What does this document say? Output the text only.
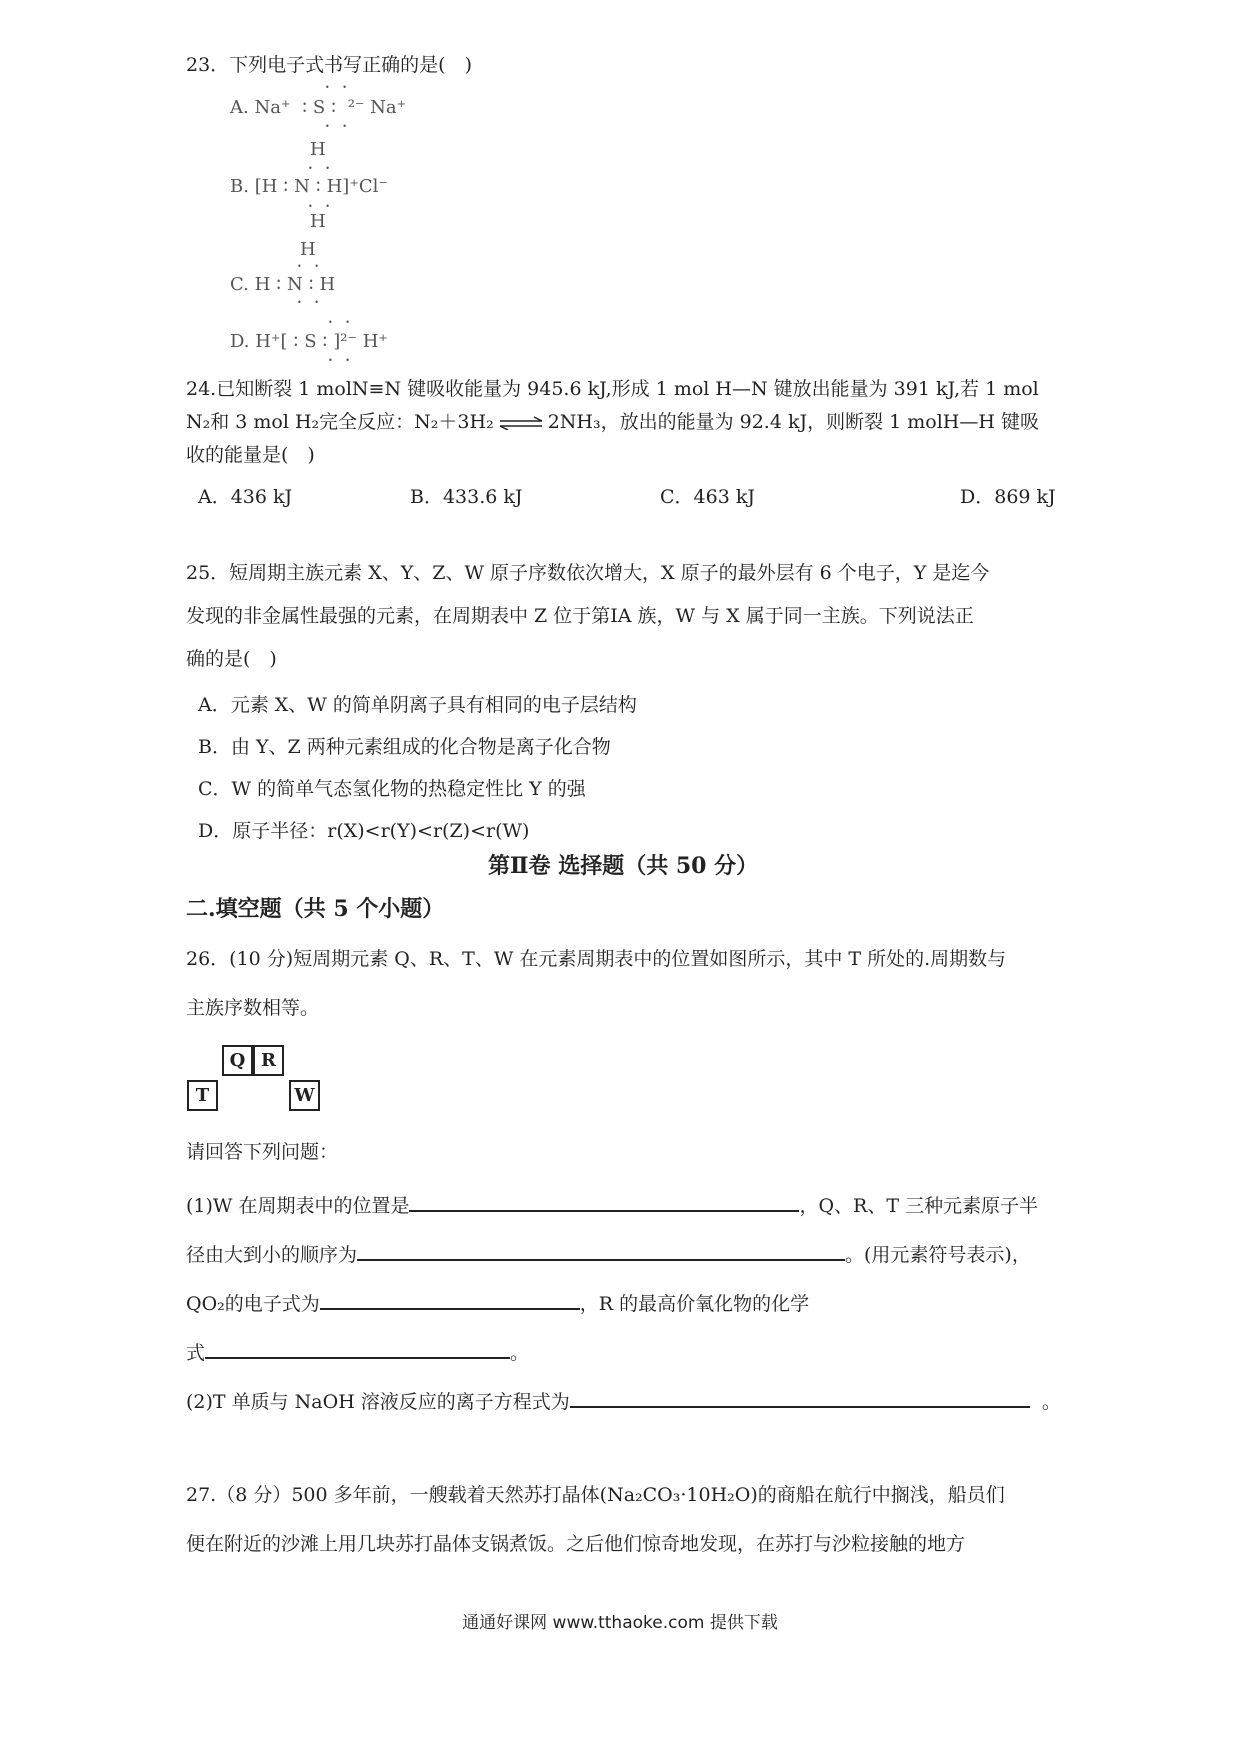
23．下列电子式书写正确的是(　)
A. Na⁺ •
• S •
• ²⁻ Na⁺
• •
• •
H
• •
B. [H •
• N •
• H]⁺Cl⁻
• •
H
H
• •
C. H •
• N •
• H
• •
• •
D. H⁺[ •
• S •
• ]²⁻ H⁺
• •
24.已知断裂 1 molN≡N 键吸收能量为 945.6 kJ,形成 1 mol H—N 键放出能量为 391 kJ,若 1 mol
N₂和 3 mol H₂完全反应：N₂＋3H₂ ⇌ 2NH₃，放出的能量为 92.4 kJ，则断裂 1 molH—H 键吸
收的能量是(　)
A．436 kJ	B．433.6 kJ	C．463 kJ	D．869 kJ
25．短周期主族元素 X、Y、Z、W 原子序数依次增大，X 原子的最外层有 6 个电子，Y 是迄今
发现的非金属性最强的元素，在周期表中 Z 位于第ⅠA 族，W 与 X 属于同一主族。下列说法正
确的是(　)
A．元素 X、W 的简单阴离子具有相同的电子层结构
B．由 Y、Z 两种元素组成的化合物是离子化合物
C．W 的简单气态氢化物的热稳定性比 Y 的强
D．原子半径：r(X)<r(Y)<r(Z)<r(W)
第Ⅱ卷 选择题（共 50 分）
二.填空题（共 5 个小题）
26．(10 分)短周期元素 Q、R、T、W 在元素周期表中的位置如图所示，其中 T 所处的.周期数与
主族序数相等。
Q R
T	W
请回答下列问题：
(1)W 在周期表中的位置是	，Q、R、T 三种元素原子半
径由大到小的顺序为	。(用元素符号表示)，
QO₂的电子式为	，R 的最高价氧化物的化学
式	。
(2)T 单质与 NaOH 溶液反应的离子方程式为	。
27.（8 分）500 多年前，一艘载着天然苏打晶体(Na₂CO₃·10H₂O)的商船在航行中搁浅，船员们
便在附近的沙滩上用几块苏打晶体支锅煮饭。之后他们惊奇地发现，在苏打与沙粒接触的地方
通通好课网 www.tthaoke.com 提供下载
